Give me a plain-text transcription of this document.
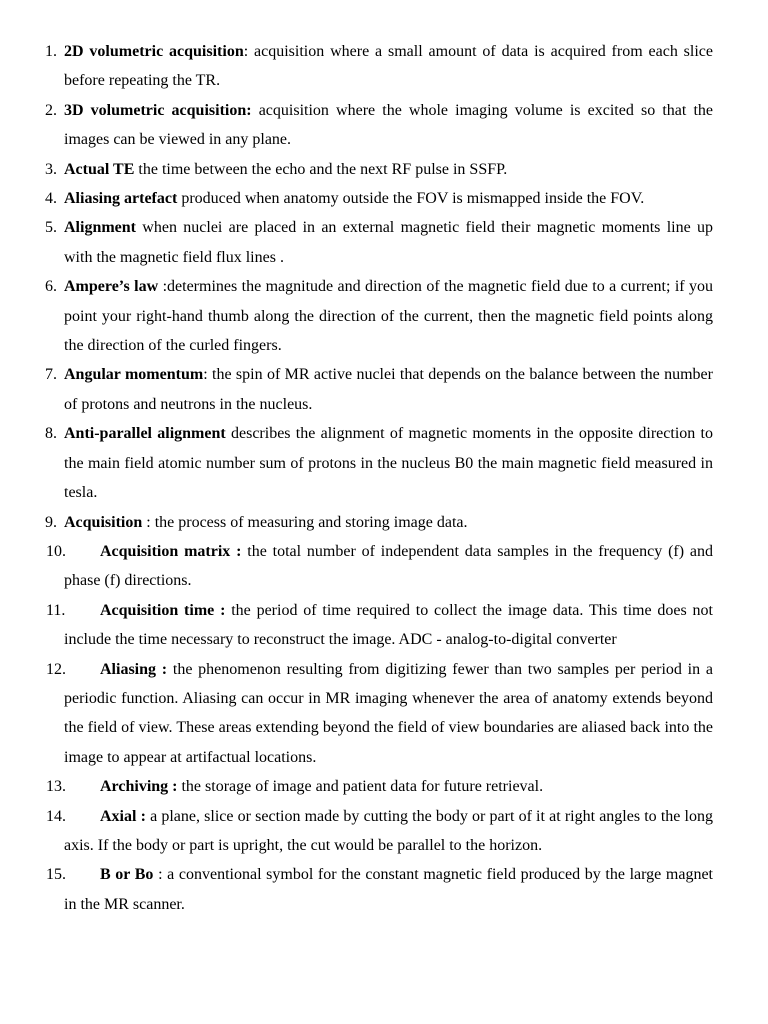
1. 2D volumetric acquisition: acquisition where a small amount of data is acquired from each slice before repeating the TR.
2. 3D volumetric acquisition: acquisition where the whole imaging volume is excited so that the images can be viewed in any plane.
3. Actual TE the time between the echo and the next RF pulse in SSFP.
4. Aliasing artefact produced when anatomy outside the FOV is mismapped inside the FOV.
5. Alignment when nuclei are placed in an external magnetic field their magnetic moments line up with the magnetic field flux lines .
6. Ampere’s law :determines the magnitude and direction of the magnetic field due to a current; if you point your right-hand thumb along the direction of the current, then the magnetic field points along the direction of the curled fingers.
7. Angular momentum: the spin of MR active nuclei that depends on the balance between the number of protons and neutrons in the nucleus.
8. Anti-parallel alignment describes the alignment of magnetic moments in the opposite direction to the main field atomic number sum of protons in the nucleus B0 the main magnetic field measured in tesla.
9. Acquisition : the process of measuring and storing image data.
10. Acquisition matrix : the total number of independent data samples in the frequency (f) and phase (f) directions.
11. Acquisition time : the period of time required to collect the image data. This time does not include the time necessary to reconstruct the image. ADC - analog-to-digital converter
12. Aliasing : the phenomenon resulting from digitizing fewer than two samples per period in a periodic function. Aliasing can occur in MR imaging whenever the area of anatomy extends beyond the field of view. These areas extending beyond the field of view boundaries are aliased back into the image to appear at artifactual locations.
13. Archiving : the storage of image and patient data for future retrieval.
14. Axial : a plane, slice or section made by cutting the body or part of it at right angles to the long axis. If the body or part is upright, the cut would be parallel to the horizon.
15. B or Bo : a conventional symbol for the constant magnetic field produced by the large magnet in the MR scanner.
